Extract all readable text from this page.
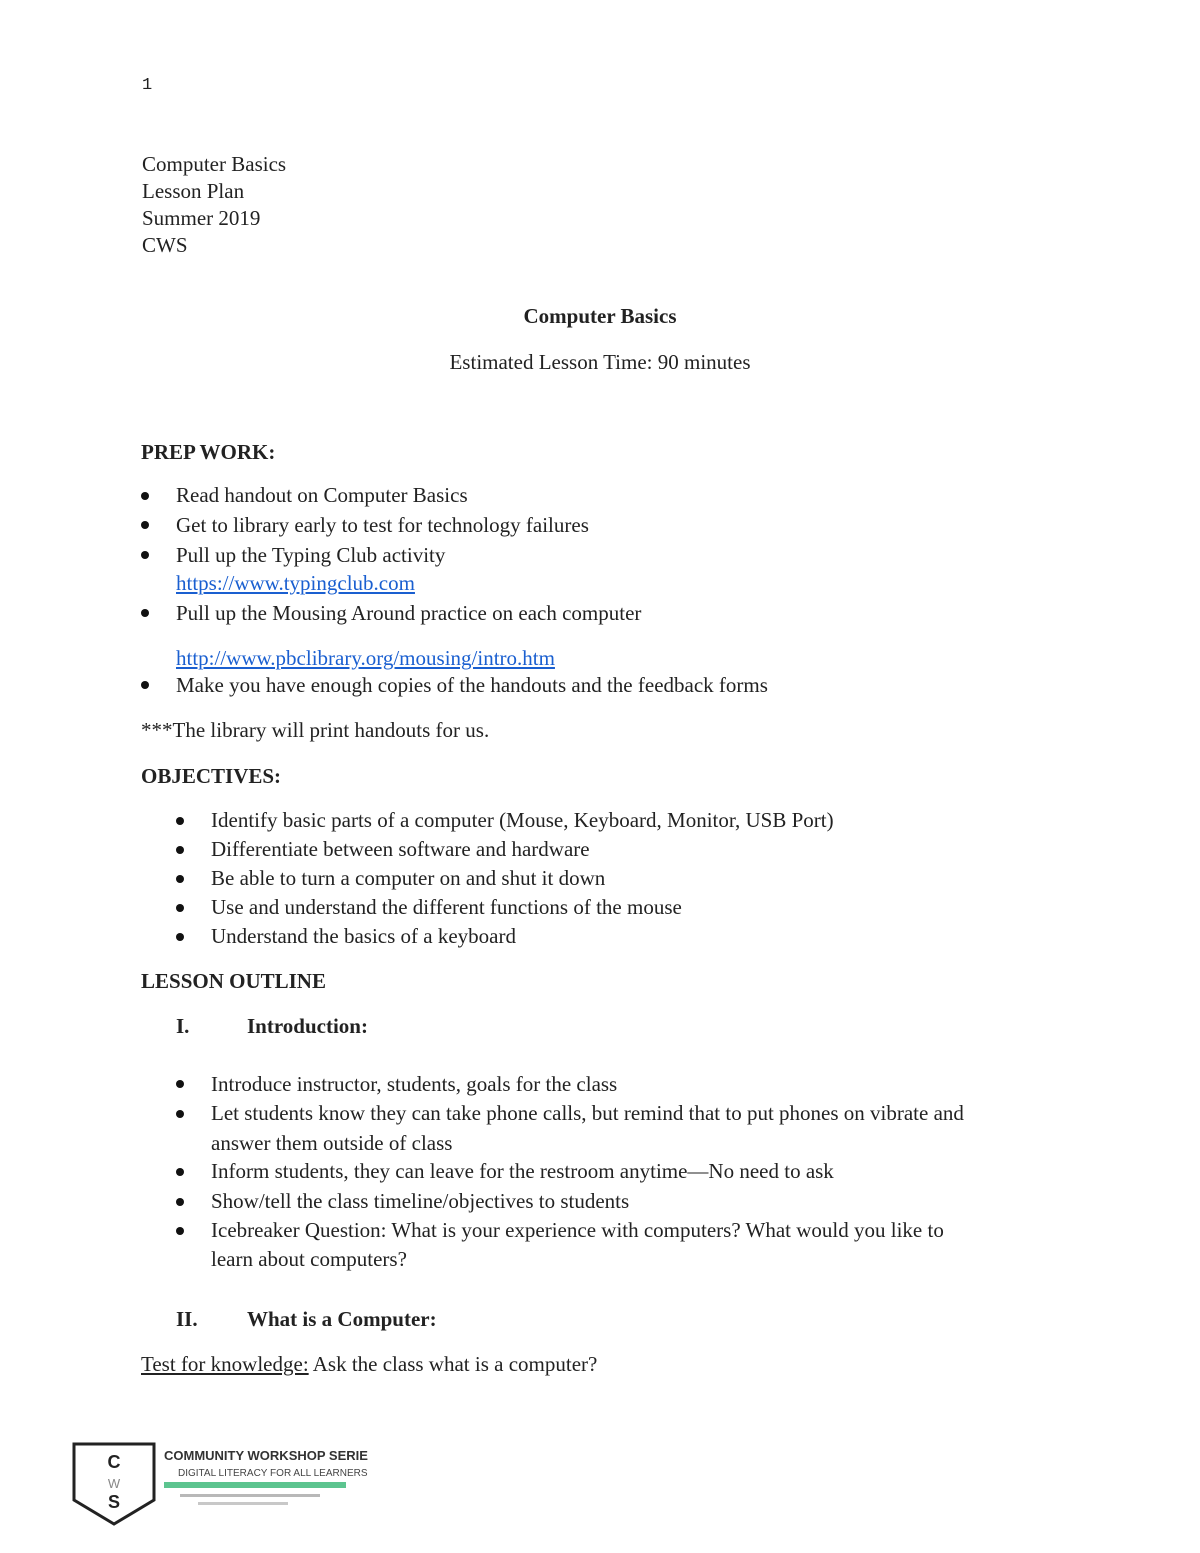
1
Computer Basics
Lesson Plan
Summer 2019
CWS
Computer Basics
Estimated Lesson Time: 90 minutes
PREP WORK:
Read handout on Computer Basics
Get to library early to test for technology failures
Pull up the Typing Club activity
https://www.typingclub.com
Pull up the Mousing Around practice on each computer
http://www.pbclibrary.org/mousing/intro.htm
Make you have enough copies of the handouts and the feedback forms
***The library will print handouts for us.
OBJECTIVES:
Identify basic parts of a computer (Mouse, Keyboard, Monitor, USB Port)
Differentiate between software and hardware
Be able to turn a computer on and shut it down
Use and understand the different functions of the mouse
Understand the basics of a keyboard
LESSON OUTLINE
I.	Introduction:
Introduce instructor, students, goals for the class
Let students know they can take phone calls, but remind that to put phones on vibrate and
answer them outside of class
Inform students, they can leave for the restroom anytime—No need to ask
Show/tell the class timeline/objectives to students
Icebreaker Question: What is your experience with computers? What would you like to
learn about computers?
II. What is a Computer:
Test for knowledge: Ask the class what is a computer?
C
W
S
COMMUNITY WORKSHOP SERIES
DIGITAL LITERACY FOR ALL LEARNERS
